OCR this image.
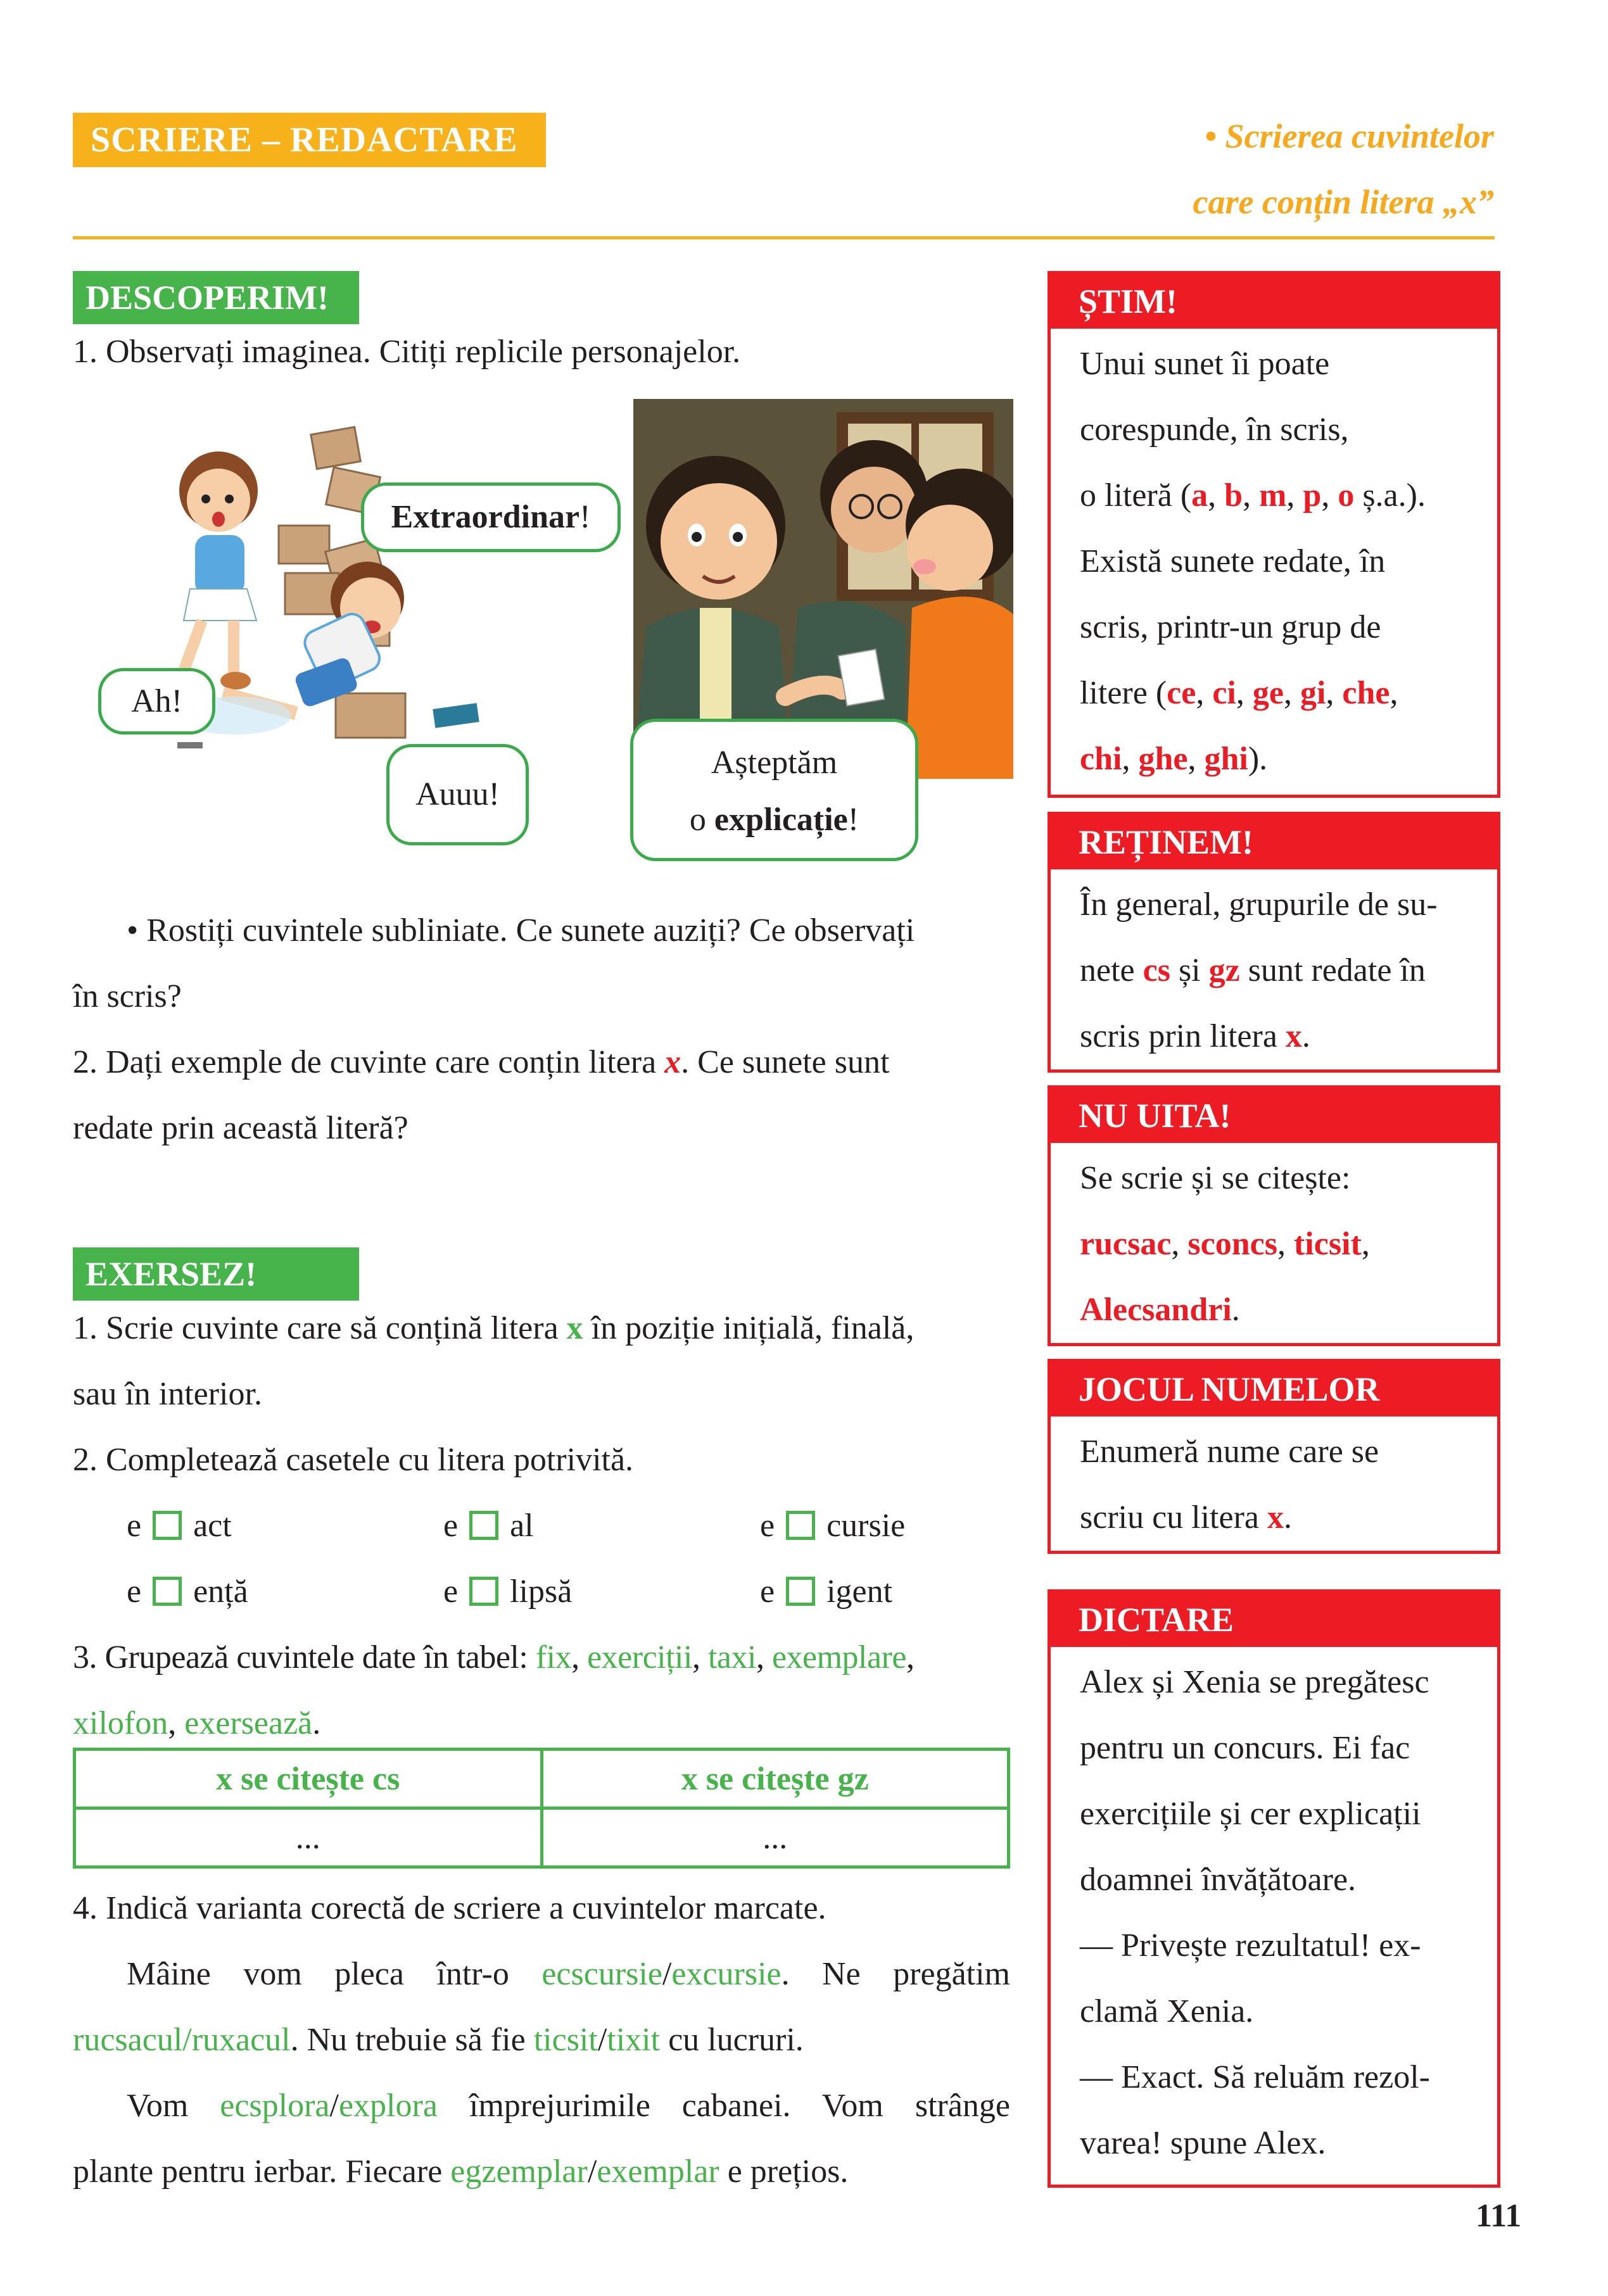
SCRIERE – REDACTARE	• Scrierea cuvintelor
care conțin litera „x”
DESCOPERIM!
1. Observați imaginea. Citiți replicile personajelor.
Extraordinar!
Ah!
Auuu!
Așteptăm
o explicație!
• Rostiți cuvintele subliniate. Ce sunete auziți? Ce observați
în scris?
2. Dați exemple de cuvinte care conțin litera x. Ce sunete sunt
redate prin această literă?
EXERSEZ!
1. Scrie cuvinte care să conțină litera x în poziție inițială, finală,
sau în interior.
2. Completează casetele cu litera potrivită.
e act	e al	e cursie
e ență	e lipsă	e igent
3. Grupează cuvintele date în tabel: fix, exerciții, taxi, exemplare,
xilofon, exersează.
x se citește cs	x se citește gz
...	...
4. Indică varianta corectă de scriere a cuvintelor marcate.
Mâine vom pleca într-o ecscursie/excursie. Ne pregătim
rucsacul/ruxacul. Nu trebuie să fie ticsit/tixit cu lucruri.
Vom ecsplora/explora împrejurimile cabanei. Vom strânge
plante pentru ierbar. Fiecare egzemplar/exemplar e prețios.
ȘTIM!
Unui sunet îi poate
corespunde, în scris,
o literă (a, b, m, p, o ș.a.).
Există sunete redate, în
scris, printr-un grup de
litere (ce, ci, ge, gi, che,
chi, ghe, ghi).
REȚINEM!
În general, grupurile de su-
nete cs și gz sunt redate în
scris prin litera x.
NU UITA!
Se scrie și se citește:
rucsac, sconcs, ticsit,
Alecsandri.
JOCUL NUMELOR
Enumeră nume care se
scriu cu litera x.
DICTARE
Alex și Xenia se pregătesc
pentru un concurs. Ei fac
exercițiile și cer explicații
doamnei învățătoare.
— Privește rezultatul! ex-
clamă Xenia.
— Exact. Să reluăm rezol-
varea! spune Alex.
111
